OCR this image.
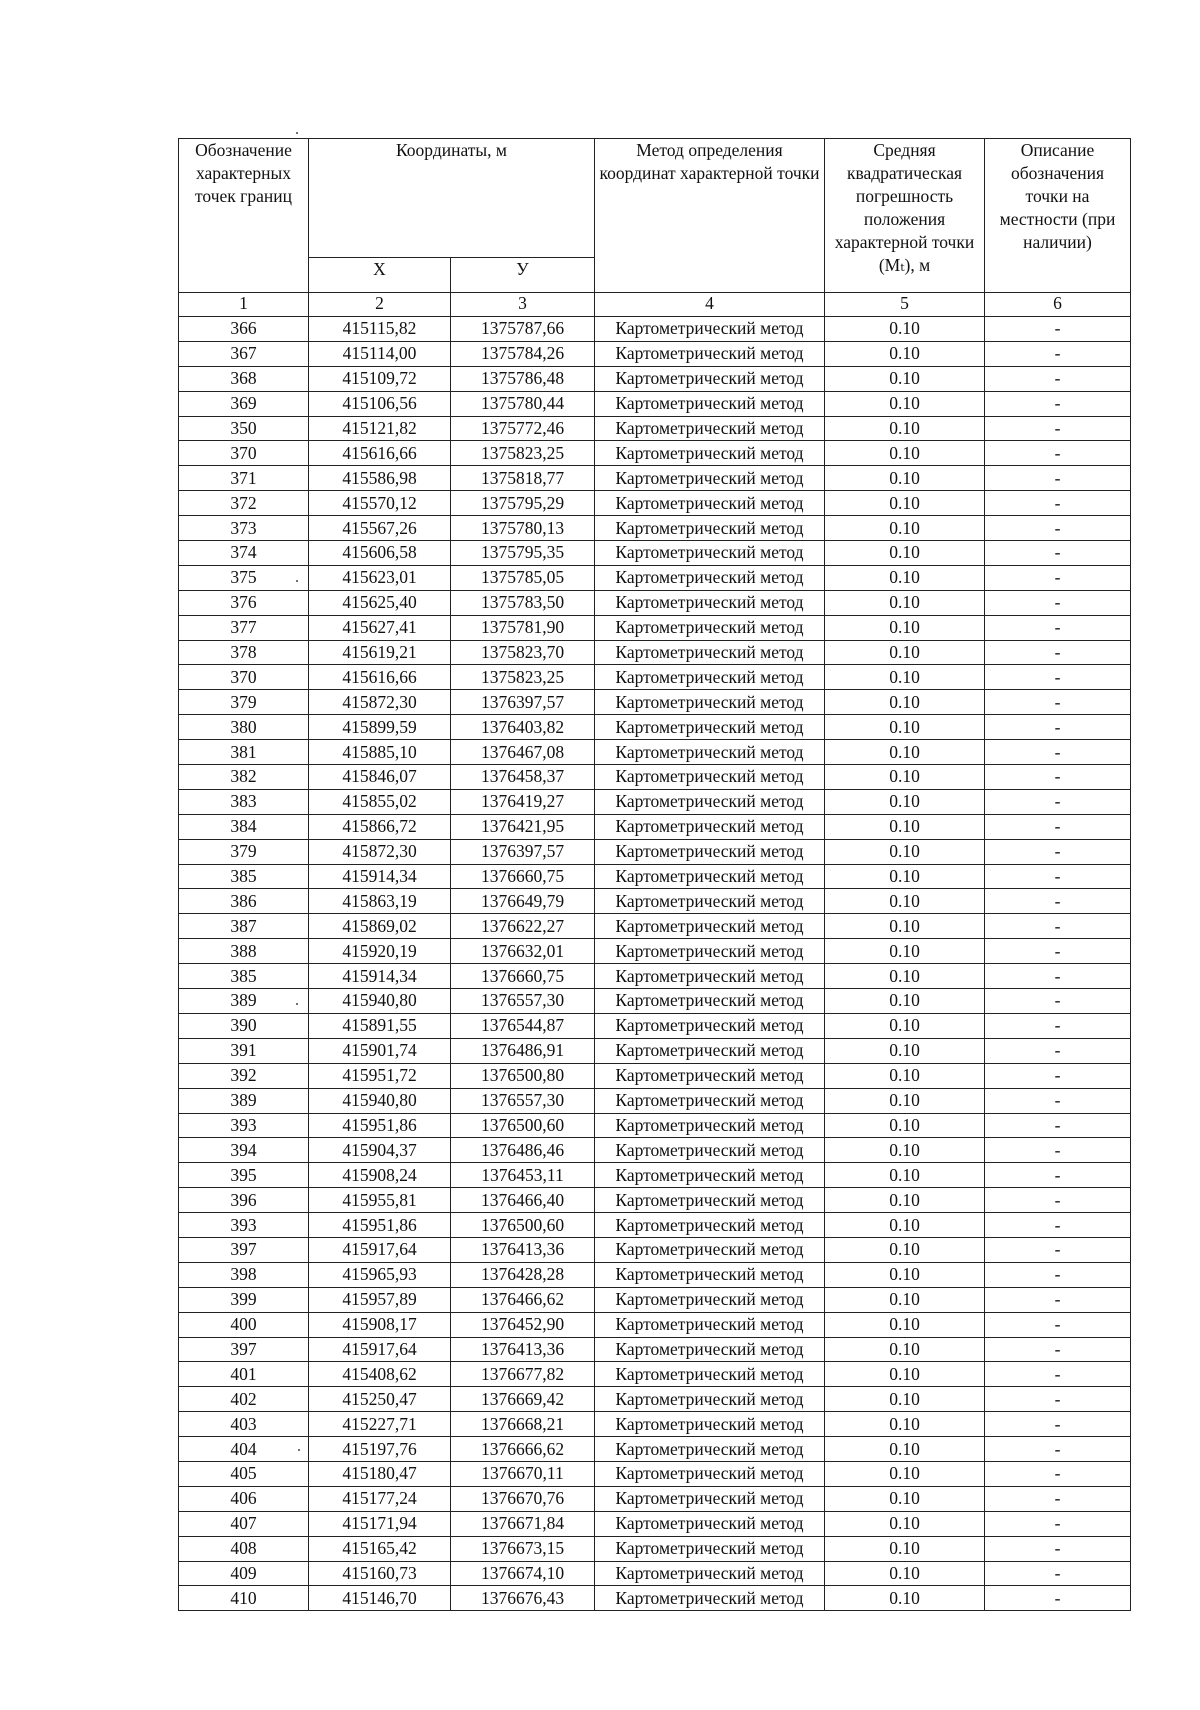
Обозначение характерных точек границ	Координаты, м		Метод определения координат характерной точки	Средняя квадратическая погрешность положения характерной точки (Mₜ), м	Описание обозначения точки на местности (при наличии)
	X	У			
1	2	3	4	5	6
366	415115,82	1375787,66	Картометрический метод	0.10	-
367	415114,00	1375784,26	Картометрический метод	0.10	-
368	415109,72	1375786,48	Картометрический метод	0.10	-
369	415106,56	1375780,44	Картометрический метод	0.10	-
350	415121,82	1375772,46	Картометрический метод	0.10	-
370	415616,66	1375823,25	Картометрический метод	0.10	-
371	415586,98	1375818,77	Картометрический метод	0.10	-
372	415570,12	1375795,29	Картометрический метод	0.10	-
373	415567,26	1375780,13	Картометрический метод	0.10	-
374	415606,58	1375795,35	Картометрический метод	0.10	-
375	415623,01	1375785,05	Картометрический метод	0.10	-
376	415625,40	1375783,50	Картометрический метод	0.10	-
377	415627,41	1375781,90	Картометрический метод	0.10	-
378	415619,21	1375823,70	Картометрический метод	0.10	-
370	415616,66	1375823,25	Картометрический метод	0.10	-
379	415872,30	1376397,57	Картометрический метод	0.10	-
380	415899,59	1376403,82	Картометрический метод	0.10	-
381	415885,10	1376467,08	Картометрический метод	0.10	-
382	415846,07	1376458,37	Картометрический метод	0.10	-
383	415855,02	1376419,27	Картометрический метод	0.10	-
384	415866,72	1376421,95	Картометрический метод	0.10	-
379	415872,30	1376397,57	Картометрический метод	0.10	-
385	415914,34	1376660,75	Картометрический метод	0.10	-
386	415863,19	1376649,79	Картометрический метод	0.10	-
387	415869,02	1376622,27	Картометрический метод	0.10	-
388	415920,19	1376632,01	Картометрический метод	0.10	-
385	415914,34	1376660,75	Картометрический метод	0.10	-
389	415940,80	1376557,30	Картометрический метод	0.10	-
390	415891,55	1376544,87	Картометрический метод	0.10	-
391	415901,74	1376486,91	Картометрический метод	0.10	-
392	415951,72	1376500,80	Картометрический метод	0.10	-
389	415940,80	1376557,30	Картометрический метод	0.10	-
393	415951,86	1376500,60	Картометрический метод	0.10	-
394	415904,37	1376486,46	Картометрический метод	0.10	-
395	415908,24	1376453,11	Картометрический метод	0.10	-
396	415955,81	1376466,40	Картометрический метод	0.10	-
393	415951,86	1376500,60	Картометрический метод	0.10	-
397	415917,64	1376413,36	Картометрический метод	0.10	-
398	415965,93	1376428,28	Картометрический метод	0.10	-
399	415957,89	1376466,62	Картометрический метод	0.10	-
400	415908,17	1376452,90	Картометрический метод	0.10	-
397	415917,64	1376413,36	Картометрический метод	0.10	-
401	415408,62	1376677,82	Картометрический метод	0.10	-
402	415250,47	1376669,42	Картометрический метод	0.10	-
403	415227,71	1376668,21	Картометрический метод	0.10	-
404	415197,76	1376666,62	Картометрический метод	0.10	-
405	415180,47	1376670,11	Картометрический метод	0.10	-
406	415177,24	1376670,76	Картометрический метод	0.10	-
407	415171,94	1376671,84	Картометрический метод	0.10	-
408	415165,42	1376673,15	Картометрический метод	0.10	-
409	415160,73	1376674,10	Картометрический метод	0.10	-
410	415146,70	1376676,43	Картометрический метод	0.10	-
